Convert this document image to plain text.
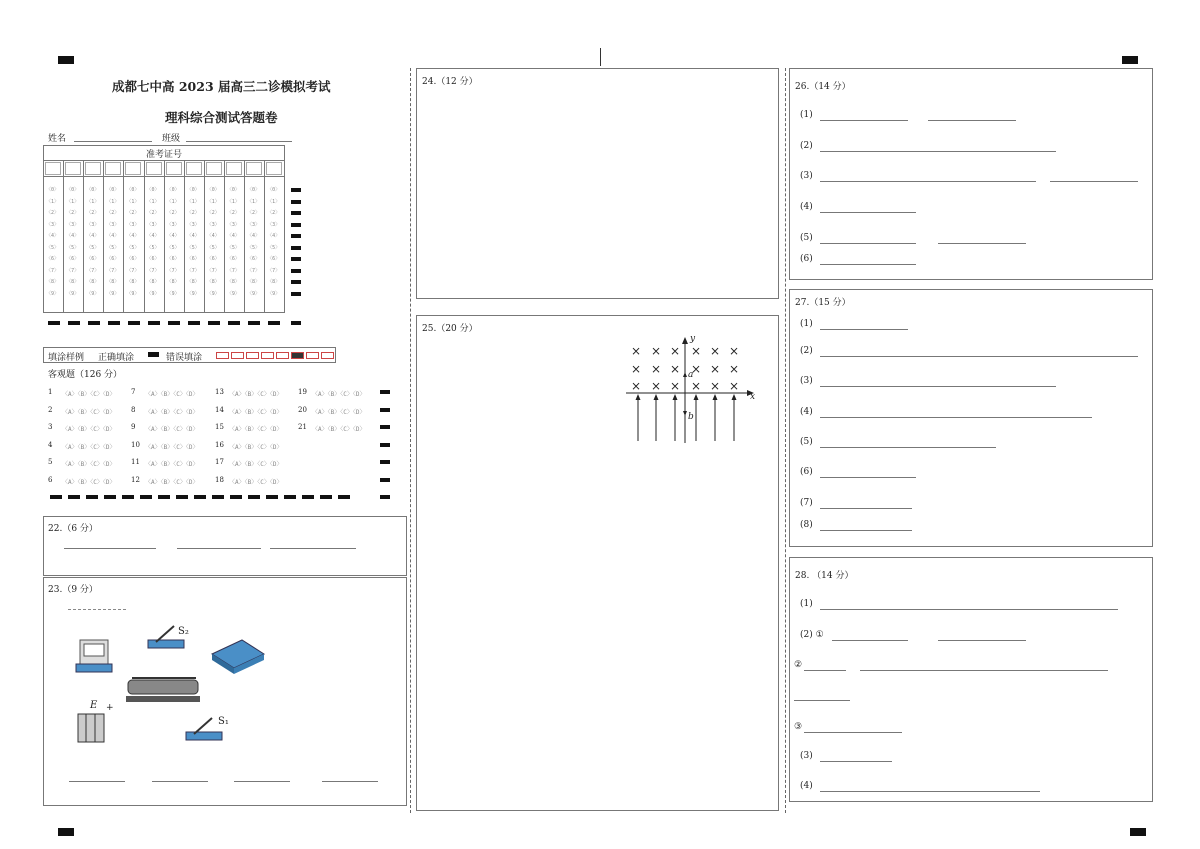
成都七中高 2023 届高三二诊模拟考试
理科综合测试答题卷
姓名	班级
准考证号
填涂样例 正确填涂	错误填涂
客观题（126 分）
22.（6 分）
23.（9 分）
S₂
S₁
E +
24.（12 分）
25.（20 分）
× × × × × ×
× × × × × ×
× × × × × ×
y
x
a
b
26.（14 分）
27.（15 分）
28. （14 分）
〈0〉 〈0〉 〈0〉 〈0〉 〈0〉 〈0〉 〈0〉 〈0〉 〈0〉 〈0〉 〈0〉 〈0〉
〈1〉 〈1〉 〈1〉 〈1〉 〈1〉 〈1〉 〈1〉 〈1〉 〈1〉 〈1〉 〈1〉 〈1〉
〈2〉 〈2〉 〈2〉 〈2〉 〈2〉 〈2〉 〈2〉 〈2〉 〈2〉 〈2〉 〈2〉 〈2〉
〈3〉 〈3〉 〈3〉 〈3〉 〈3〉 〈3〉 〈3〉 〈3〉 〈3〉 〈3〉 〈3〉 〈3〉
〈4〉 〈4〉 〈4〉 〈4〉 〈4〉 〈4〉 〈4〉 〈4〉 〈4〉 〈4〉 〈4〉 〈4〉
〈5〉 〈5〉 〈5〉 〈5〉 〈5〉 〈5〉 〈5〉 〈5〉 〈5〉 〈5〉 〈5〉 〈5〉
〈6〉 〈6〉 〈6〉 〈6〉 〈6〉 〈6〉 〈6〉 〈6〉 〈6〉 〈6〉 〈6〉 〈6〉
〈7〉 〈7〉 〈7〉 〈7〉 〈7〉 〈7〉 〈7〉 〈7〉 〈7〉 〈7〉 〈7〉 〈7〉
〈8〉 〈8〉 〈8〉 〈8〉 〈8〉 〈8〉 〈8〉 〈8〉 〈8〉 〈8〉 〈8〉 〈8〉
〈9〉 〈9〉 〈9〉 〈9〉 〈9〉 〈9〉 〈9〉 〈9〉 〈9〉 〈9〉 〈9〉 〈9〉
1 〈A〉〈B〉〈C〉〈D〉
2 〈A〉〈B〉〈C〉〈D〉
3 〈A〉〈B〉〈C〉〈D〉
4 〈A〉〈B〉〈C〉〈D〉
5 〈A〉〈B〉〈C〉〈D〉
6 〈A〉〈B〉〈C〉〈D〉
7 〈A〉〈B〉〈C〉〈D〉
8 〈A〉〈B〉〈C〉〈D〉
9 〈A〉〈B〉〈C〉〈D〉
10 〈A〉〈B〉〈C〉〈D〉
11 〈A〉〈B〉〈C〉〈D〉
12 〈A〉〈B〉〈C〉〈D〉
13 〈A〉〈B〉〈C〉〈D〉
14 〈A〉〈B〉〈C〉〈D〉
15 〈A〉〈B〉〈C〉〈D〉
16 〈A〉〈B〉〈C〉〈D〉
17 〈A〉〈B〉〈C〉〈D〉
18 〈A〉〈B〉〈C〉〈D〉
19 〈A〉〈B〉〈C〉〈D〉
20 〈A〉〈B〉〈C〉〈D〉
21 〈A〉〈B〉〈C〉〈D〉
(1)
(2)
(3)
(4)
(5)
(6)
(1)
(2)
(3)
(4)
(5)
(6)
(7)
(8)
(1)
(2) ①
②
③
(3)
(4)
